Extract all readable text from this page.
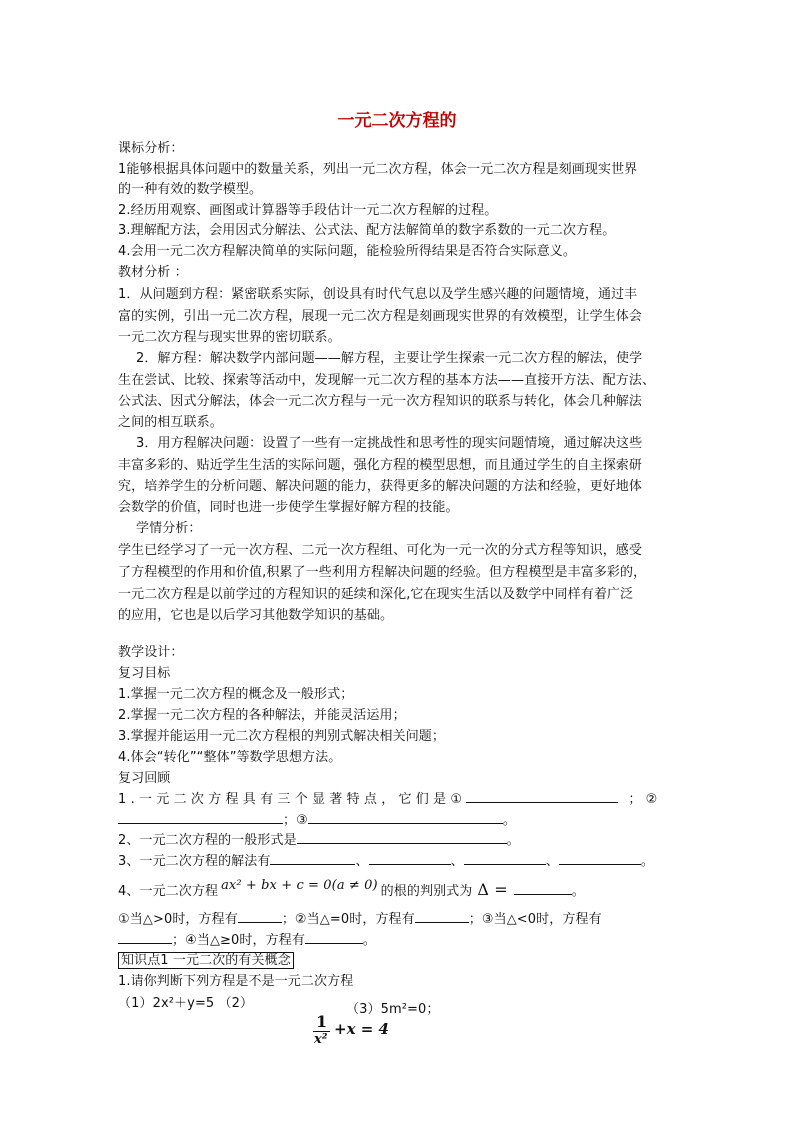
一元二次方程的
课标分析：
1能够根据具体问题中的数量关系，列出一元二次方程，体会一元二次方程是刻画现实世界
的一种有效的数学模型。
2.经历用观察、画图或计算器等手段估计一元二次方程解的过程。
3.理解配方法，会用因式分解法、公式法、配方法解简单的数字系数的一元二次方程。
4.会用一元二次方程解决简单的实际问题，能检验所得结果是否符合实际意义。
教材分析 ：
1．从问题到方程：紧密联系实际，创设具有时代气息以及学生感兴趣的问题情境，通过丰
富的实例，引出一元二次方程，展现一元二次方程是刻画现实世界的有效模型，让学生体会
一元二次方程与现实世界的密切联系。
2．解方程：解决数学内部问题——解方程，主要让学生探索一元二次方程的解法，使学
生在尝试、比较、探索等活动中，发现解一元二次方程的基本方法——直接开方法、配方法、
公式法、因式分解法，体会一元二次方程与一元一次方程知识的联系与转化，体会几种解法
之间的相互联系。
3．用方程解决问题：设置了一些有一定挑战性和思考性的现实问题情境，通过解决这些
丰富多彩的、贴近学生生活的实际问题，强化方程的模型思想，而且通过学生的自主探索研
究，培养学生的分析问题、解决问题的能力，获得更多的解决问题的方法和经验，更好地体
会数学的价值，同时也进一步使学生掌握好解方程的技能。
学情分析：
学生已经学习了一元一次方程、二元一次方程组、可化为一元一次的分式方程等知识，感受
了方程模型的作用和价值,积累了一些利用方程解决问题的经验。但方程模型是丰富多彩的，
一元二次方程是以前学过的方程知识的延续和深化,它在现实生活以及数学中同样有着广泛
的应用，它也是以后学习其他数学知识的基础。
教学设计：
复习目标
1.掌握一元二次方程的概念及一般形式；
2.掌握一元二次方程的各种解法，并能灵活运用；
3.掌握并能运用一元二次方程根的判别式解决相关问题；
4.体会“转化”“整体”等数学思想方法。
复习回顾
1.一元二次方程具有三个显著特点，它们是①	；②
；③	。
2、一元二次方程的一般形式是	。
3、一元二次方程的解法有	、	、	、	。
4、一元二次方程 ax² + bx + c = 0(a ≠ 0) 的根的判别式为 Δ =	。
①当△>0时，方程有	；②当△=0时，方程有	；③当△<0时，方程有
；④当△≥0时，方程有	。
知识点1 一元二次的有关概念
1.请你判断下列方程是不是一元二次方程
（1）2x²＋y=5 （2）
1
x²
+x = 4
（3）5m²=0；
